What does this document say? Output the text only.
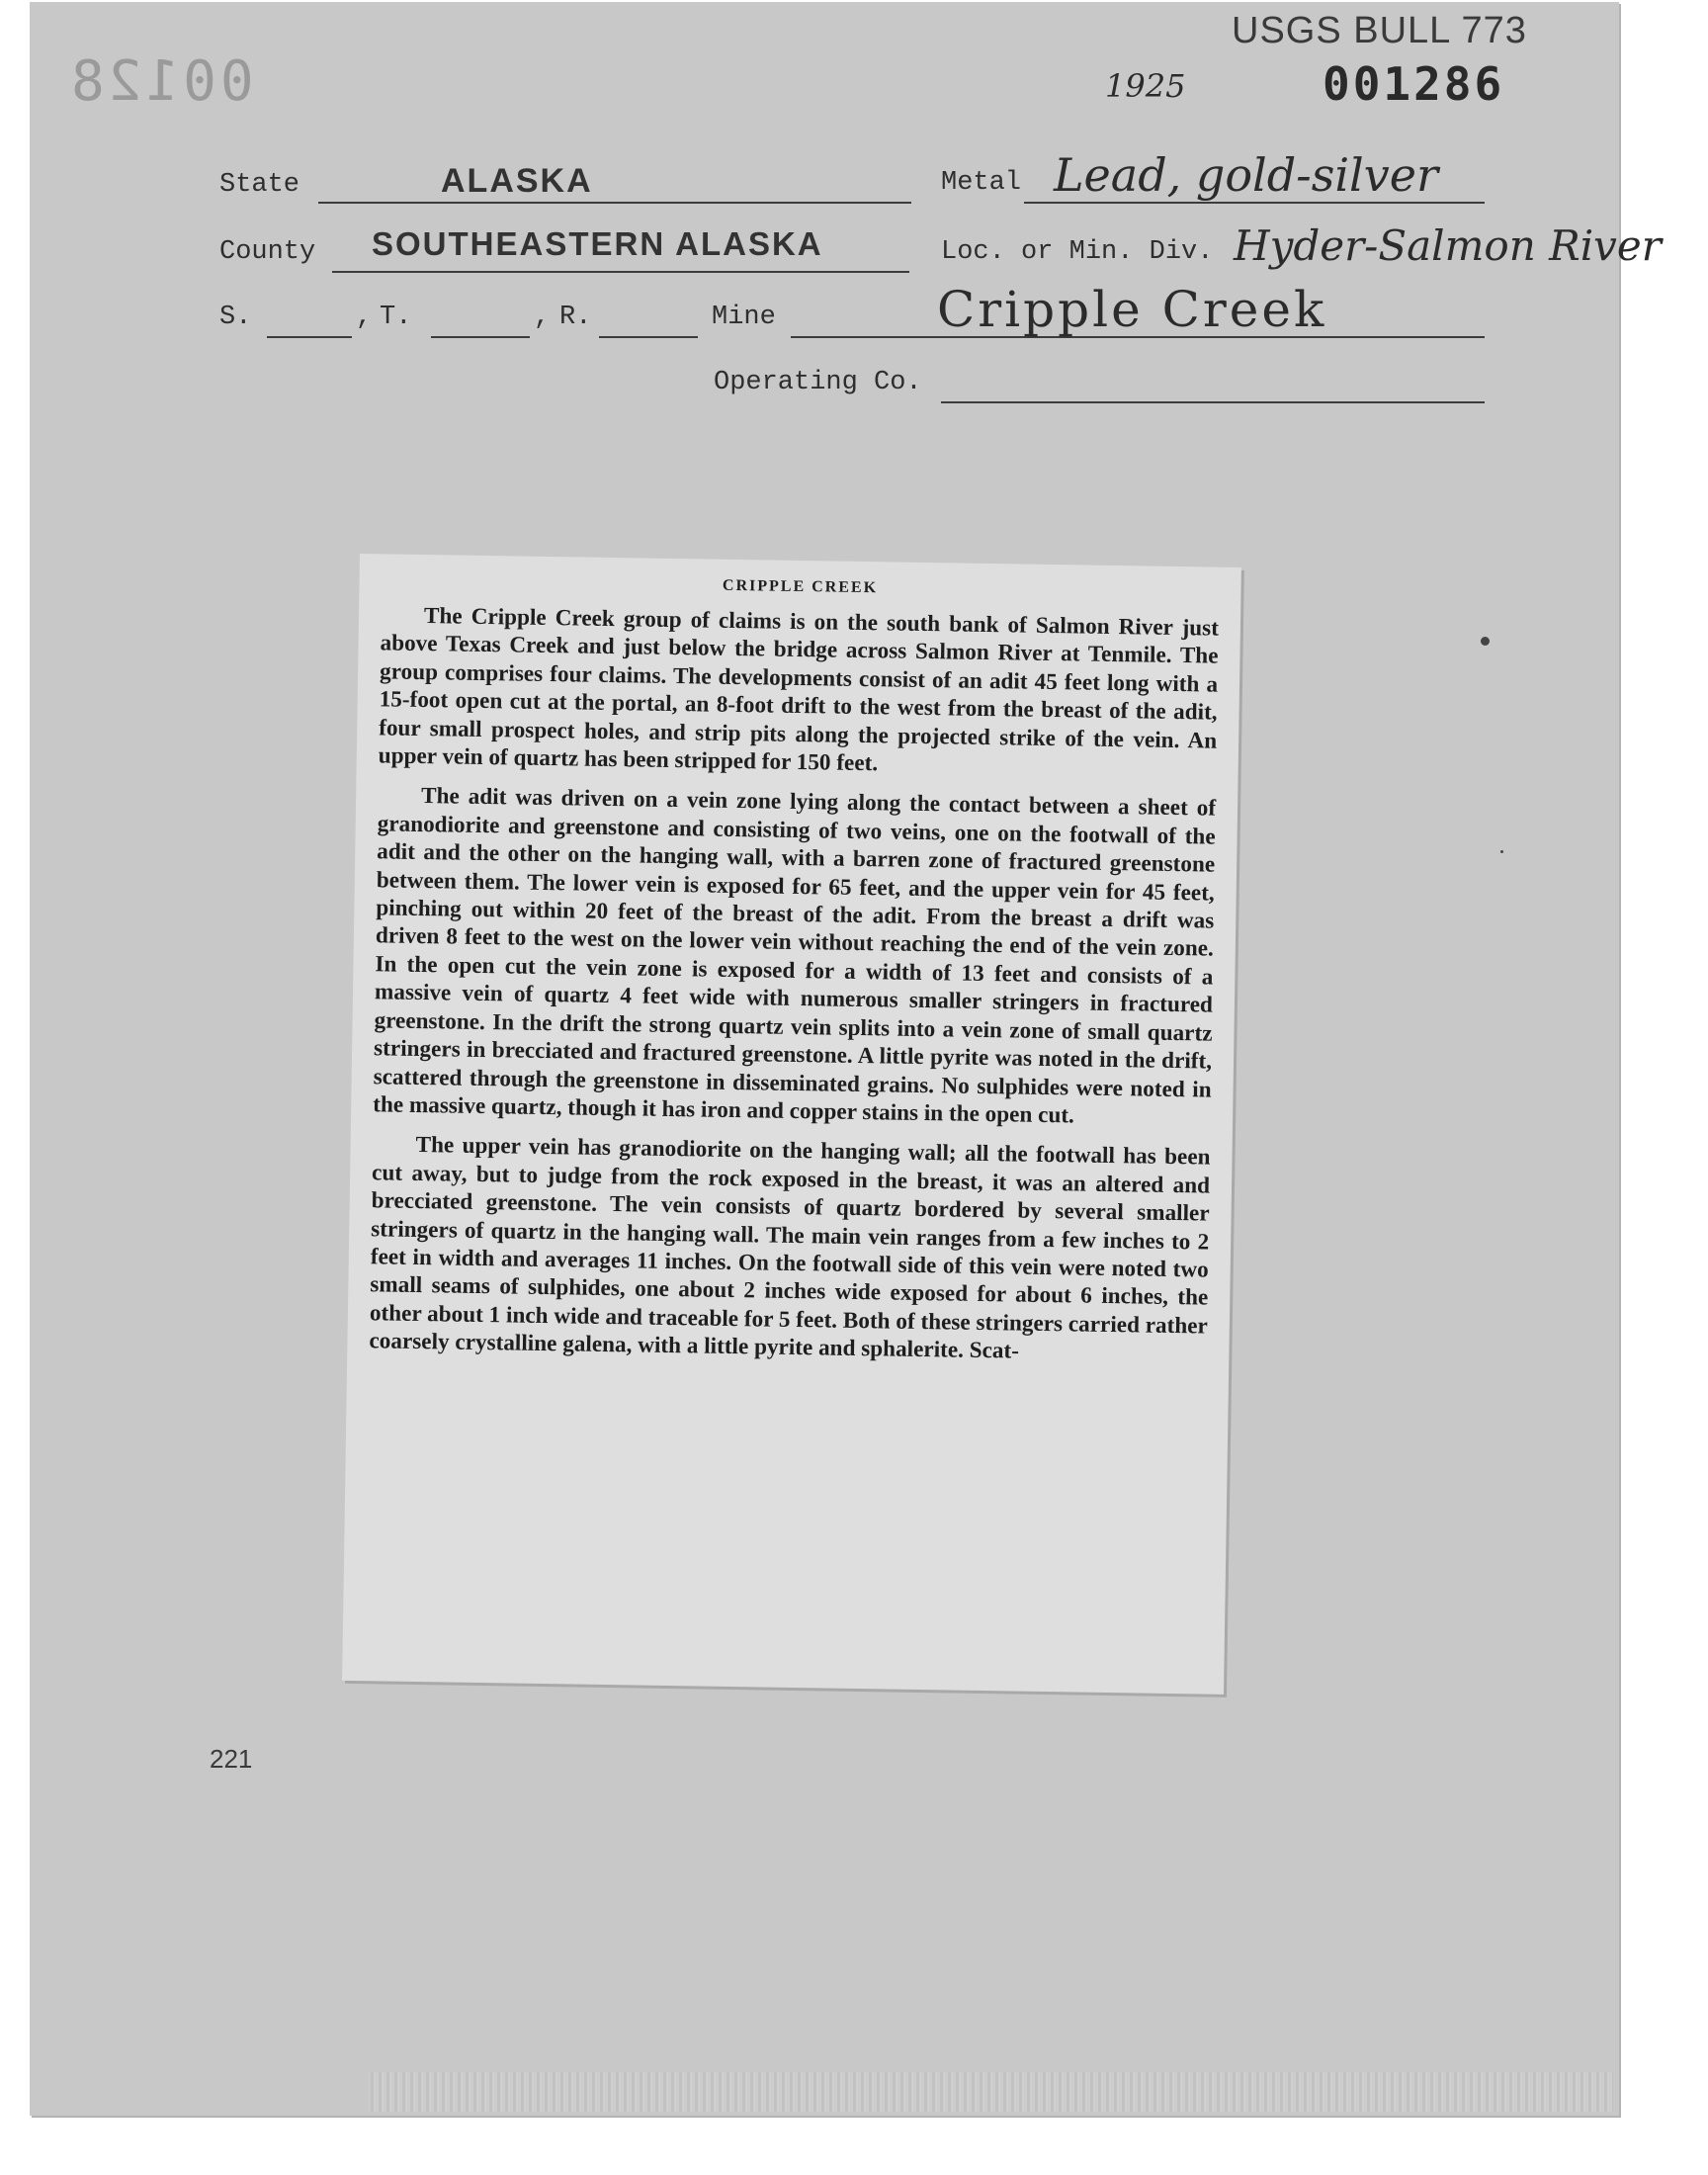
00128
USGS BULL 773
1925	001286
State	ALASKA	Metal Lead, gold-silver
County SOUTHEASTERN ALASKA	Loc. or Min. Div. Hyder-Salmon River
S.	, T.	, R.	Mine	Cripple Creek
Operating Co.
CRIPPLE CREEK

The Cripple Creek group of claims is on the south bank of Salmon River just above Texas Creek and just below the bridge across Salmon River at Tenmile. The group comprises four claims. The developments consist of an adit 45 feet long with a 15-foot open cut at the portal, an 8-foot drift to the west from the breast of the adit, four small prospect holes, and strip pits along the projected strike of the vein. An upper vein of quartz has been stripped for 150 feet.

The adit was driven on a vein zone lying along the contact between a sheet of granodiorite and greenstone and consisting of two veins, one on the footwall of the adit and the other on the hanging wall, with a barren zone of fractured greenstone between them. The lower vein is exposed for 65 feet, and the upper vein for 45 feet, pinching out within 20 feet of the breast of the adit. From the breast a drift was driven 8 feet to the west on the lower vein without reaching the end of the vein zone. In the open cut the vein zone is exposed for a width of 13 feet and consists of a massive vein of quartz 4 feet wide with numerous smaller stringers in fractured greenstone. In the drift the strong quartz vein splits into a vein zone of small quartz stringers in brecciated and fractured greenstone. A little pyrite was noted in the drift, scattered through the greenstone in disseminated grains. No sulphides were noted in the massive quartz, though it has iron and copper stains in the open cut.

The upper vein has granodiorite on the hanging wall; all the footwall has been cut away, but to judge from the rock exposed in the breast, it was an altered and brecciated greenstone. The vein consists of quartz bordered by several smaller stringers of quartz in the hanging wall. The main vein ranges from a few inches to 2 feet in width and averages 11 inches. On the footwall side of this vein were noted two small seams of sulphides, one about 2 inches wide exposed for about 6 inches, the other about 1 inch wide and traceable for 5 feet. Both of these stringers carried rather coarsely crystalline galena, with a little pyrite and sphalerite. Scat-

221
